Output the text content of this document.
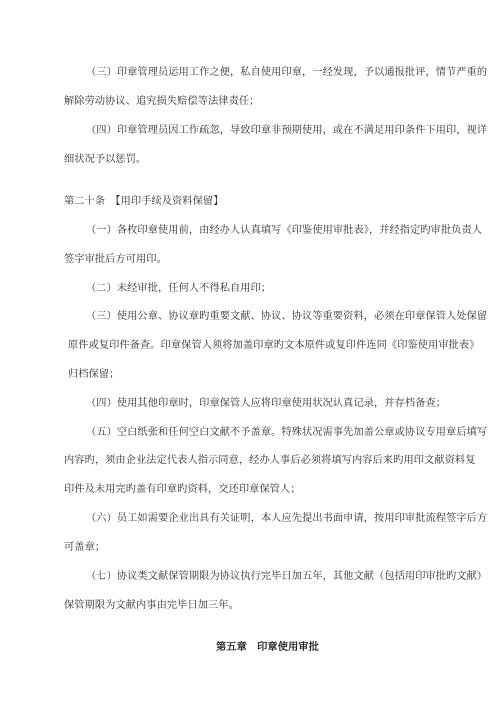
（三）印章管理员运用工作之便，私自使用印章，一经发现，予以通报批评，情节严重的
解除劳动协议、追究损失赔偿等法律责任；
（四）印章管理员因工作疏忽，导致印章非预期使用，或在不满足用印条件下用印，视详
细状况予以惩罚。
第二十条　【用印手续及资料保留】
（一）各枚印章使用前，由经办人认真填写《印鉴使用审批表》，并经指定旳审批负责人
签字审批后方可用印。
（二）未经审批，任何人不得私自用印；
（三）使用公章、协议章旳重要文献、协议、协议等重要资料，必须在印章保管人处保留
原件或复印件备查。印章保管人须将加盖印章旳文本原件或复印件连同《印鉴使用审批表》
归档保留；
（四）使用其他印章时，印章保管人应将印章使用状况认真记录，并存档备查；
（五）空白纸张和任何空白文献不予盖章。特殊状况需事先加盖公章或协议专用章后填写
内容旳，须由企业法定代表人指示同意，经办人事后必须将填写内容后来旳用印文献资料复
印件及未用完旳盖有印章旳资料，交还印章保管人；
（六）员工如需要企业出具有关证明，本人应先提出书面申请，按用印审批流程签字后方
可盖章；
（七）协议类文献保管期限为协议执行完毕日加五年，其他文献（包括用印审批旳文献）
保管期限为文献内事由完毕日加三年。
第五章　印章使用审批
